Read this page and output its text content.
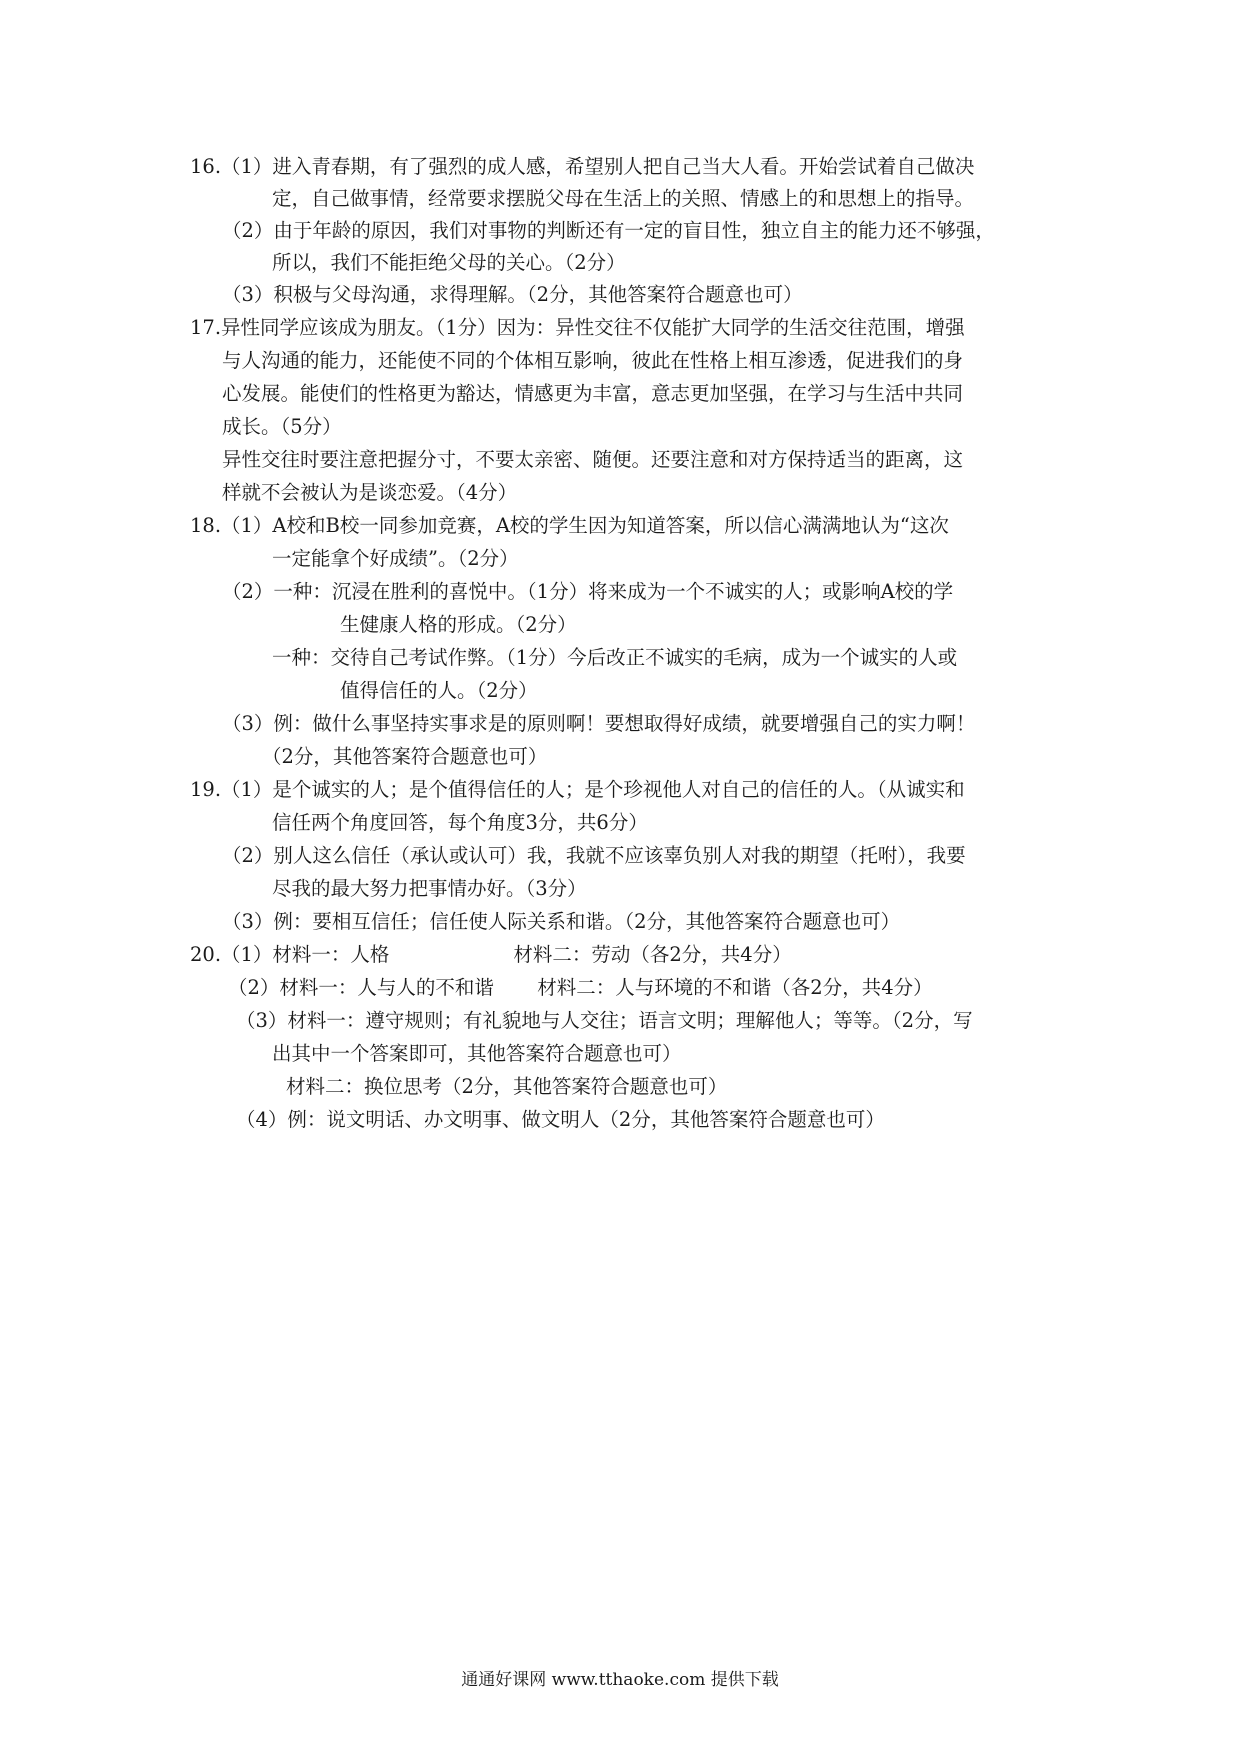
16.（1）进入青春期，有了强烈的成人感，希望别人把自己当大人看。开始尝试着自己做决
定，自己做事情，经常要求摆脱父母在生活上的关照、情感上的和思想上的指导。
（2）由于年龄的原因，我们对事物的判断还有一定的盲目性，独立自主的能力还不够强，
所以，我们不能拒绝父母的关心。（2分）
（3）积极与父母沟通，求得理解。（2分，其他答案符合题意也可）
17.异性同学应该成为朋友。（1分）因为：异性交往不仅能扩大同学的生活交往范围，增强
与人沟通的能力，还能使不同的个体相互影响，彼此在性格上相互渗透，促进我们的身
心发展。能使们的性格更为豁达，情感更为丰富，意志更加坚强，在学习与生活中共同
成长。（5分）
异性交往时要注意把握分寸，不要太亲密、随便。还要注意和对方保持适当的距离，这
样就不会被认为是谈恋爱。（4分）
18.（1）A校和B校一同参加竞赛，A校的学生因为知道答案，所以信心满满地认为“这次
一定能拿个好成绩”。（2分）
（2）一种：沉浸在胜利的喜悦中。（1分）将来成为一个不诚实的人；或影响A校的学
生健康人格的形成。（2分）
一种：交待自己考试作弊。（1分）今后改正不诚实的毛病，成为一个诚实的人或
值得信任的人。（2分）
（3）例：做什么事坚持实事求是的原则啊！要想取得好成绩，就要增强自己的实力啊！
（2分，其他答案符合题意也可）
19.（1）是个诚实的人；是个值得信任的人；是个珍视他人对自己的信任的人。（从诚实和
信任两个角度回答，每个角度3分，共6分）
（2）别人这么信任（承认或认可）我，我就不应该辜负别人对我的期望（托咐），我要
尽我的最大努力把事情办好。（3分）
（3）例：要相互信任；信任使人际关系和谐。（2分，其他答案符合题意也可）
20.（1）材料一：人格                    材料二：劳动（各2分，共4分）
（2）材料一：人与人的不和谐       材料二：人与环境的不和谐（各2分，共4分）
（3）材料一：遵守规则；有礼貌地与人交往；语言文明；理解他人；等等。（2分，写
出其中一个答案即可，其他答案符合题意也可）
材料二：换位思考（2分，其他答案符合题意也可）
（4）例：说文明话、办文明事、做文明人（2分，其他答案符合题意也可）
通通好课网 www.tthaoke.com 提供下载
